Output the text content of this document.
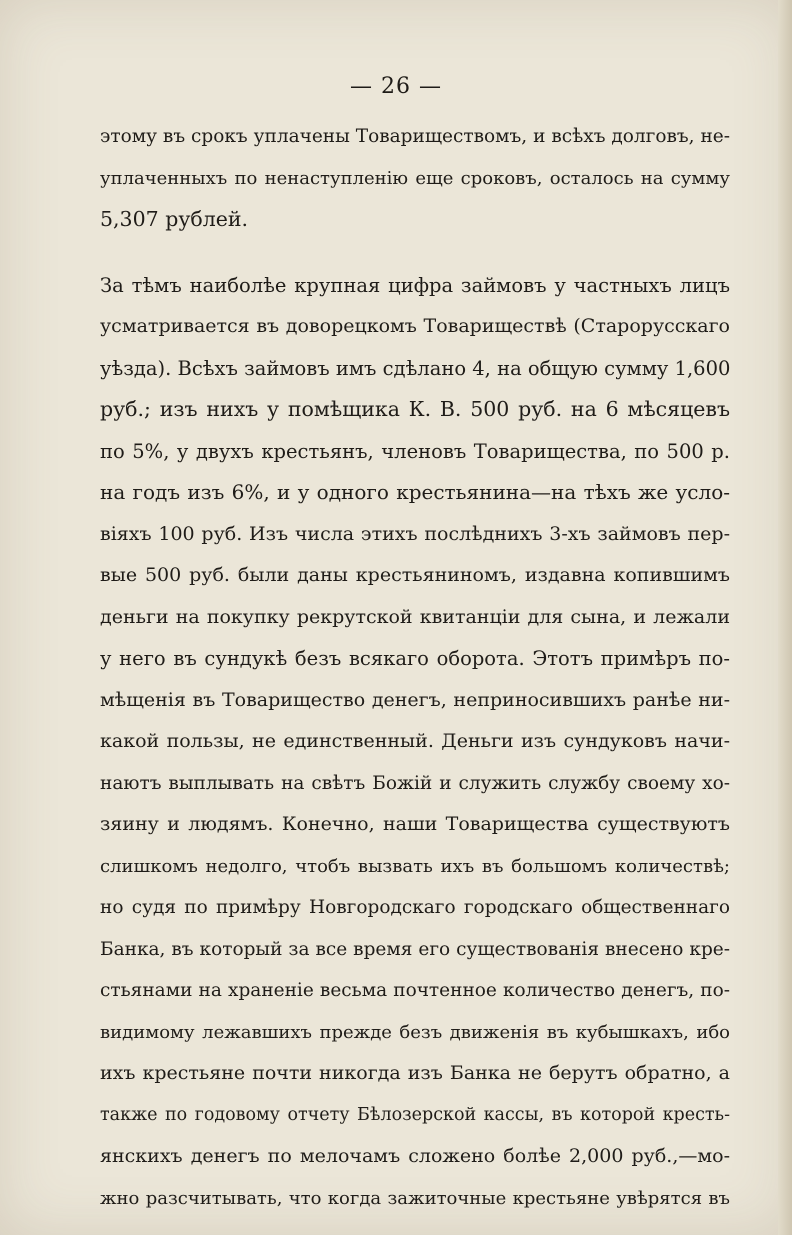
— 26 —
этому въ срокъ уплачены Товариществомъ, и всѣхъ долговъ, не-
уплаченныхъ по ненаступленію еще сроковъ, осталось на сумму
5,307 рублей.
За тѣмъ наиболѣе крупная цифра займовъ у частныхъ лицъ
усматривается въ доворецкомъ Товариществѣ (Старорусскаго
уѣзда). Всѣхъ займовъ имъ сдѣлано 4, на общую сумму 1,600
руб.; изъ нихъ у помѣщика К. В. 500 руб. на 6 мѣсяцевъ
по 5%, у двухъ крестьянъ, членовъ Товарищества, по 500 р.
на годъ изъ 6%, и у одного крестьянина—на тѣхъ же усло-
віяхъ 100 руб. Изъ числа этихъ послѣднихъ 3-хъ займовъ пер-
вые 500 руб. были даны крестьяниномъ, издавна копившимъ
деньги на покупку рекрутской квитанціи для сына, и лежали
у него въ сундукѣ безъ всякаго оборота. Этотъ примѣръ по-
мѣщенія въ Товарищество денегъ, неприносившихъ ранѣе ни-
какой пользы, не единственный. Деньги изъ сундуковъ начи-
наютъ выплывать на свѣтъ Божій и служить службу своему хо-
зяину и людямъ. Конечно, наши Товарищества существуютъ
слишкомъ недолго, чтобъ вызвать ихъ въ большомъ количествѣ;
но судя по примѣру Новгородскаго городскаго общественнаго
Банка, въ который за все время его существованія внесено кре-
стьянами на храненіе весьма почтенное количество денегъ, по-
видимому лежавшихъ прежде безъ движенія въ кубышкахъ, ибо
ихъ крестьяне почти никогда изъ Банка не берутъ обратно, а
также по годовому отчету Бѣлозерской кассы, въ которой кресть-
янскихъ денегъ по мелочамъ сложено болѣе 2,000 руб.,—мо-
жно разсчитывать, что когда зажиточные крестьяне увѣрятся въ
